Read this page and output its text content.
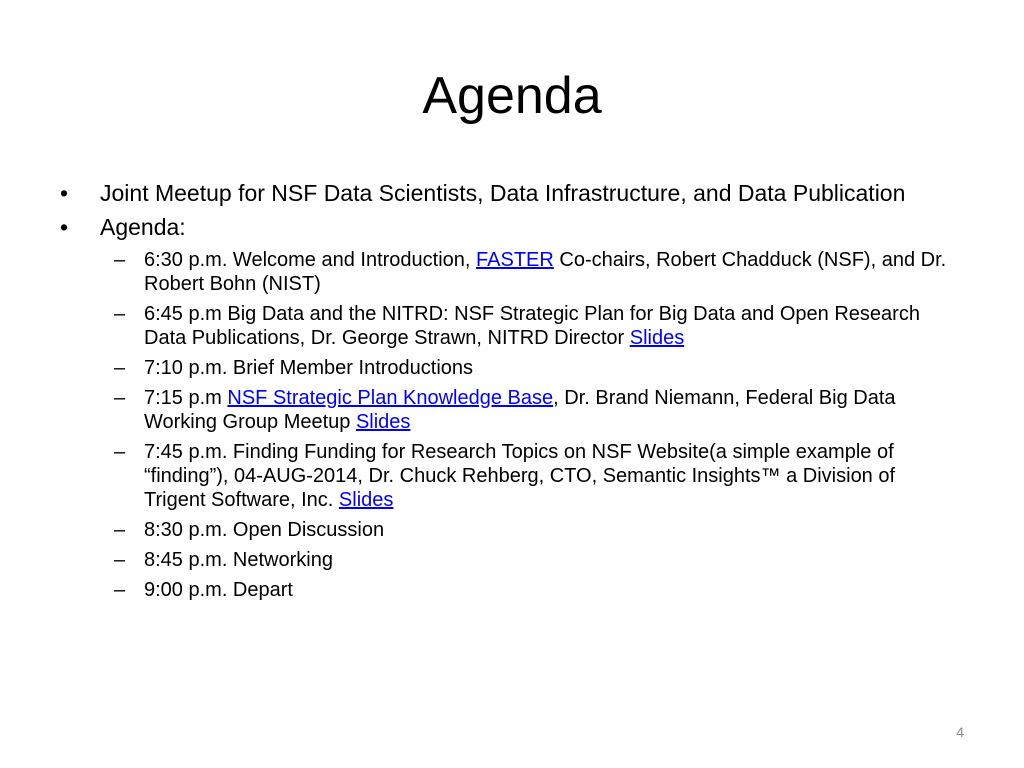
Agenda
• Joint Meetup for NSF Data Scientists, Data Infrastructure, and Data Publication
• Agenda:
– 6:30 p.m. Welcome and Introduction, FASTER Co-chairs, Robert Chadduck (NSF), and Dr. Robert Bohn (NIST)
– 6:45 p.m Big Data and the NITRD: NSF Strategic Plan for Big Data and Open Research Data Publications, Dr. George Strawn, NITRD Director Slides
– 7:10 p.m. Brief Member Introductions
– 7:15 p.m NSF Strategic Plan Knowledge Base, Dr. Brand Niemann, Federal Big Data Working Group Meetup Slides
– 7:45 p.m. Finding Funding for Research Topics on NSF Website(a simple example of “finding”), 04-AUG-2014, Dr. Chuck Rehberg, CTO, Semantic Insights™ a Division of Trigent Software, Inc. Slides
– 8:30 p.m. Open Discussion
– 8:45 p.m. Networking
– 9:00 p.m. Depart
4
